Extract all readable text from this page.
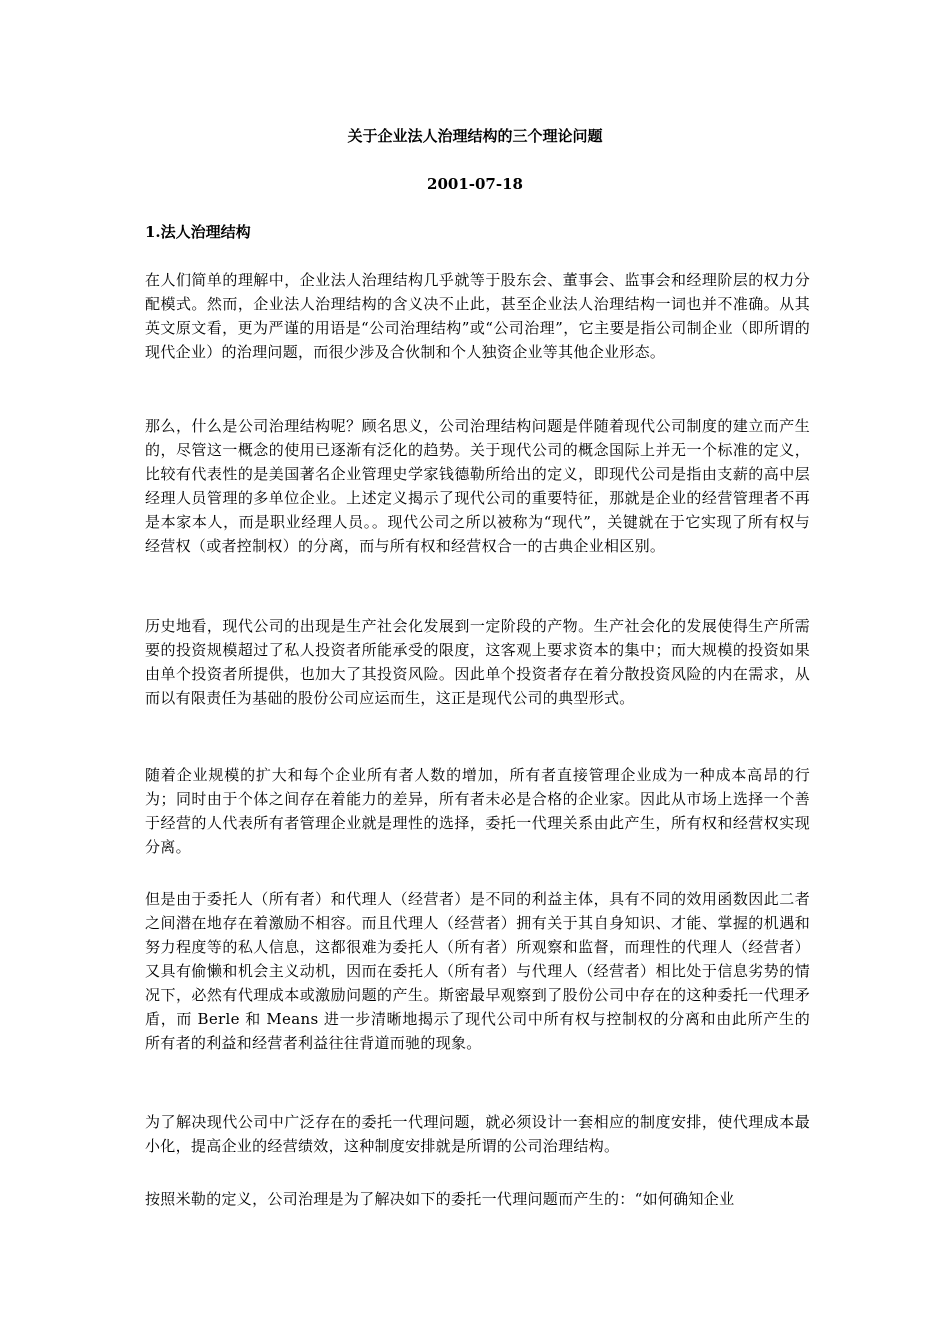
关于企业法人治理结构的三个理论问题
2001-07-18
1.法人治理结构

在人们简单的理解中，企业法人治理结构几乎就等于股东会、董事会、监事会和经理阶层的权力分配模式。然而，企业法人治理结构的含义决不止此，甚至企业法人治理结构一词也并不准确。从其英文原文看，更为严谨的用语是“公司治理结构”或“公司治理”，它主要是指公司制企业（即所谓的现代企业）的治理问题，而很少涉及合伙制和个人独资企业等其他企业形态。

那么，什么是公司治理结构呢？顾名思义，公司治理结构问题是伴随着现代公司制度的建立而产生的，尽管这一概念的使用已逐渐有泛化的趋势。关于现代公司的概念国际上并无一个标准的定义，比较有代表性的是美国著名企业管理史学家钱德勒所给出的定义，即现代公司是指由支薪的高中层经理人员管理的多单位企业。上述定义揭示了现代公司的重要特征，那就是企业的经营管理者不再是本家本人，而是职业经理人员。。现代公司之所以被称为“现代”，关键就在于它实现了所有权与经营权（或者控制权）的分离，而与所有权和经营权合一的古典企业相区别。

历史地看，现代公司的出现是生产社会化发展到一定阶段的产物。生产社会化的发展使得生产所需要的投资规模超过了私人投资者所能承受的限度，这客观上要求资本的集中；而大规模的投资如果由单个投资者所提供，也加大了其投资风险。因此单个投资者存在着分散投资风险的内在需求，从而以有限责任为基础的股份公司应运而生，这正是现代公司的典型形式。

随着企业规模的扩大和每个企业所有者人数的增加，所有者直接管理企业成为一种成本高昂的行为；同时由于个体之间存在着能力的差异，所有者未必是合格的企业家。因此从市场上选择一个善于经营的人代表所有者管理企业就是理性的选择，委托一代理关系由此产生，所有权和经营权实现分离。

但是由于委托人（所有者）和代理人（经营者）是不同的利益主体，具有不同的效用函数因此二者之间潜在地存在着激励不相容。而且代理人（经营者）拥有关于其自身知识、才能、掌握的机遇和努力程度等的私人信息，这都很难为委托人（所有者）所观察和监督，而理性的代理人（经营者）又具有偷懒和机会主义动机，因而在委托人（所有者）与代理人（经营者）相比处于信息劣势的情况下，必然有代理成本或激励问题的产生。斯密最早观察到了股份公司中存在的这种委托一代理矛盾，而 Berle 和 Means 进一步清晰地揭示了现代公司中所有权与控制权的分离和由此所产生的所有者的利益和经营者利益往往背道而驰的现象。

为了解决现代公司中广泛存在的委托一代理问题，就必须设计一套相应的制度安排，使代理成本最小化，提高企业的经营绩效，这种制度安排就是所谓的公司治理结构。

按照米勒的定义，公司治理是为了解决如下的委托一代理问题而产生的：“如何确知企业
